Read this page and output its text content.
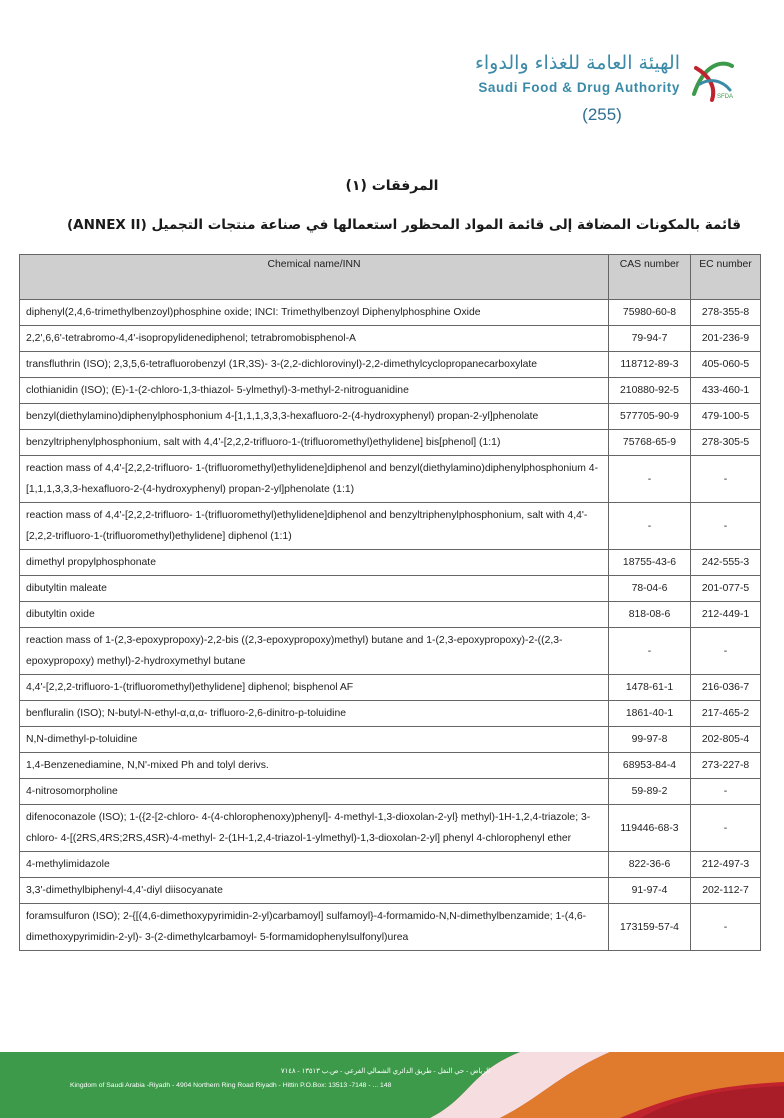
الهيئة العامة للغذاء والدواء
Saudi Food & Drug Authority
SFDA
(255)
المرفقات (١)
قائمة بالمكونات المضافة إلى قائمة المواد المحظور استعمالها في صناعة منتجات التجميل (ANNEX II)
Chemical name/INN	CAS number	EC number
diphenyl(2,4,6-trimethylbenzoyl)phosphine oxide; INCI: Trimethylbenzoyl Diphenylphosphine Oxide	75980-60-8	278-355-8
2,2',6,6'-tetrabromo-4,4'-isopropylidenediphenol; tetrabromobisphenol-A	79-94-7	201-236-9
transfluthrin (ISO); 2,3,5,6-tetrafluorobenzyl (1R,3S)- 3-(2,2-dichlorovinyl)-2,2-dimethylcyclopropanecarboxylate	118712-89-3	405-060-5
clothianidin (ISO); (E)-1-(2-chloro-1,3-thiazol- 5-ylmethyl)-3-methyl-2-nitroguanidine	210880-92-5	433-460-1
benzyl(diethylamino)diphenylphosphonium 4-[1,1,1,3,3,3-hexafluoro-2-(4-hydroxyphenyl) propan-2-yl]phenolate	577705-90-9	479-100-5
benzyltriphenylphosphonium, salt with 4,4'-[2,2,2-trifluoro-1-(trifluoromethyl)ethylidene] bis[phenol] (1:1)	75768-65-9	278-305-5
reaction mass of 4,4'-[2,2,2-trifluoro- 1-(trifluoromethyl)ethylidene]diphenol and benzyl(diethylamino)diphenylphosphonium 4-[1,1,1,3,3,3-hexafluoro-2-(4-hydroxyphenyl) propan-2-yl]phenolate (1:1)	-	-
reaction mass of 4,4'-[2,2,2-trifluoro- 1-(trifluoromethyl)ethylidene]diphenol and benzyltriphenylphosphonium, salt with 4,4'-[2,2,2-trifluoro-1-(trifluoromethyl)ethylidene] diphenol (1:1)	-	-
dimethyl propylphosphonate	18755-43-6	242-555-3
dibutyltin maleate	78-04-6	201-077-5
dibutyltin oxide	818-08-6	212-449-1
reaction mass of 1-(2,3-epoxypropoxy)-2,2-bis ((2,3-epoxypropoxy)methyl) butane and 1-(2,3-epoxypropoxy)-2-((2,3-epoxypropoxy) methyl)-2-hydroxymethyl butane	-	-
4,4'-[2,2,2-trifluoro-1-(trifluoromethyl)ethylidene] diphenol; bisphenol AF	1478-61-1	216-036-7
benfluralin (ISO); N-butyl-N-ethyl-α,α,α- trifluoro-2,6-dinitro-p-toluidine	1861-40-1	217-465-2
N,N-dimethyl-p-toluidine	99-97-8	202-805-4
1,4-Benzenediamine, N,N'-mixed Ph and tolyl derivs.	68953-84-4	273-227-8
4-nitrosomorpholine	59-89-2	-
difenoconazole (ISO); 1-({2-[2-chloro- 4-(4-chlorophenoxy)phenyl]- 4-methyl-1,3-dioxolan-2-yl} methyl)-1H-1,2,4-triazole; 3-chloro- 4-[(2RS,4RS;2RS,4SR)-4-methyl- 2-(1H-1,2,4-triazol-1-ylmethyl)-1,3-dioxolan-2-yl] phenyl 4-chlorophenyl ether	119446-68-3	-
4-methylimidazole	822-36-6	212-497-3
3,3'-dimethylbiphenyl-4,4'-diyl diisocyanate	91-97-4	202-112-7
foramsulfuron (ISO); 2-{[(4,6-dimethoxypyrimidin-2-yl)carbamoyl] sulfamoyl}-4-formamido-N,N-dimethylbenzamide; 1-(4,6-dimethoxypyrimidin-2-yl)- 3-(2-dimethylcarbamoyl- 5-formamidophenylsulfonyl)urea	173159-57-4	-
الرياض - حي النفل - طريق الدائري الشمالي الفرعي - ص.ب ١٣٥١٣ - ٧١٤٨
Kingdom of Saudi Arabia -Riyadh - 4904 Northern Ring Road Riyadh - Hittin P.O.Box: 13513 -7148 - ... 148
